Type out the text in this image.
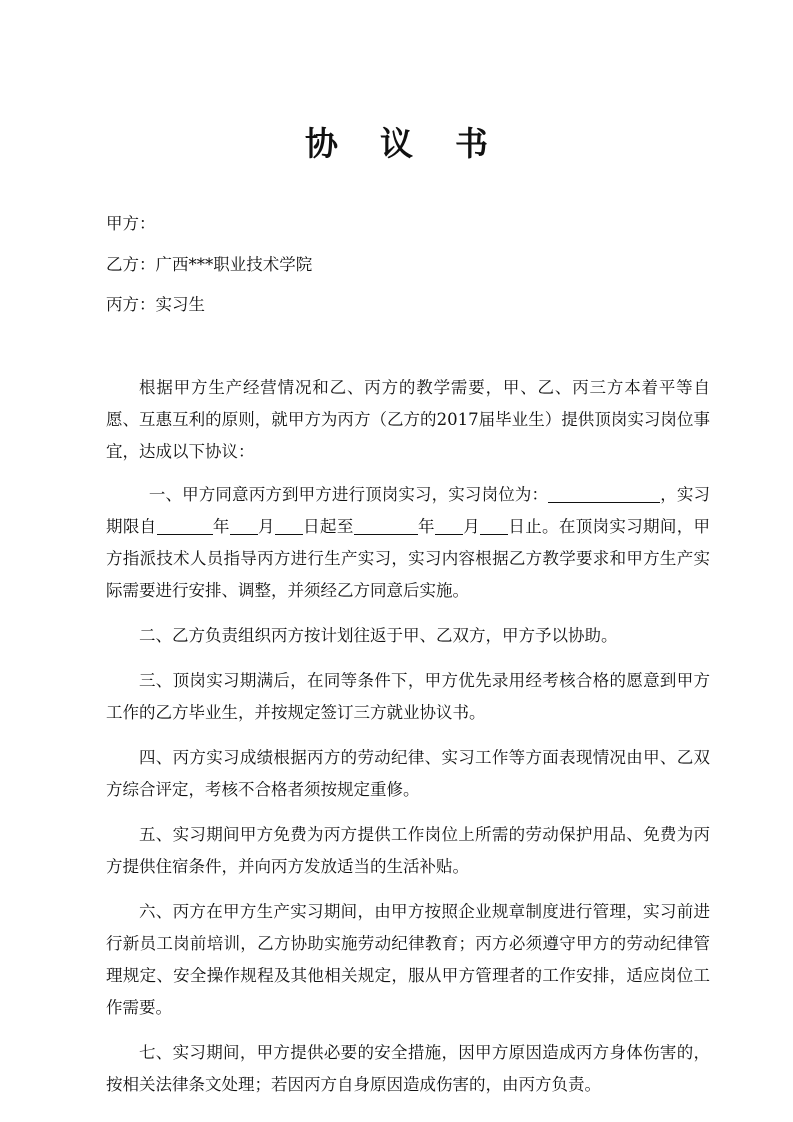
协 议 书
甲方：
乙方：广西***职业技术学院
丙方：实习生

根据甲方生产经营情况和乙、丙方的教学需要，甲、乙、丙三方本着平等自愿、互惠互利的原则，就甲方为丙方（乙方的2017届毕业生）提供顶岗实习岗位事宜，达成以下协议：

一、甲方同意丙方到甲方进行顶岗实习，实习岗位为：	，实习期限自	年 月 日起至	年 月 日止。在顶岗实习期间，甲方指派技术人员指导丙方进行生产实习，实习内容根据乙方教学要求和甲方生产实际需要进行安排、调整，并须经乙方同意后实施。

二、乙方负责组织丙方按计划往返于甲、乙双方，甲方予以协助。

三、顶岗实习期满后，在同等条件下，甲方优先录用经考核合格的愿意到甲方工作的乙方毕业生，并按规定签订三方就业协议书。

四、丙方实习成绩根据丙方的劳动纪律、实习工作等方面表现情况由甲、乙双方综合评定，考核不合格者须按规定重修。

五、实习期间甲方免费为丙方提供工作岗位上所需的劳动保护用品、免费为丙方提供住宿条件，并向丙方发放适当的生活补贴。

六、丙方在甲方生产实习期间，由甲方按照企业规章制度进行管理，实习前进行新员工岗前培训，乙方协助实施劳动纪律教育；丙方必须遵守甲方的劳动纪律管理规定、安全操作规程及其他相关规定，服从甲方管理者的工作安排，适应岗位工作需要。

七、实习期间，甲方提供必要的安全措施，因甲方原因造成丙方身体伤害的，按相关法律条文处理；若因丙方自身原因造成伤害的，由丙方负责。
